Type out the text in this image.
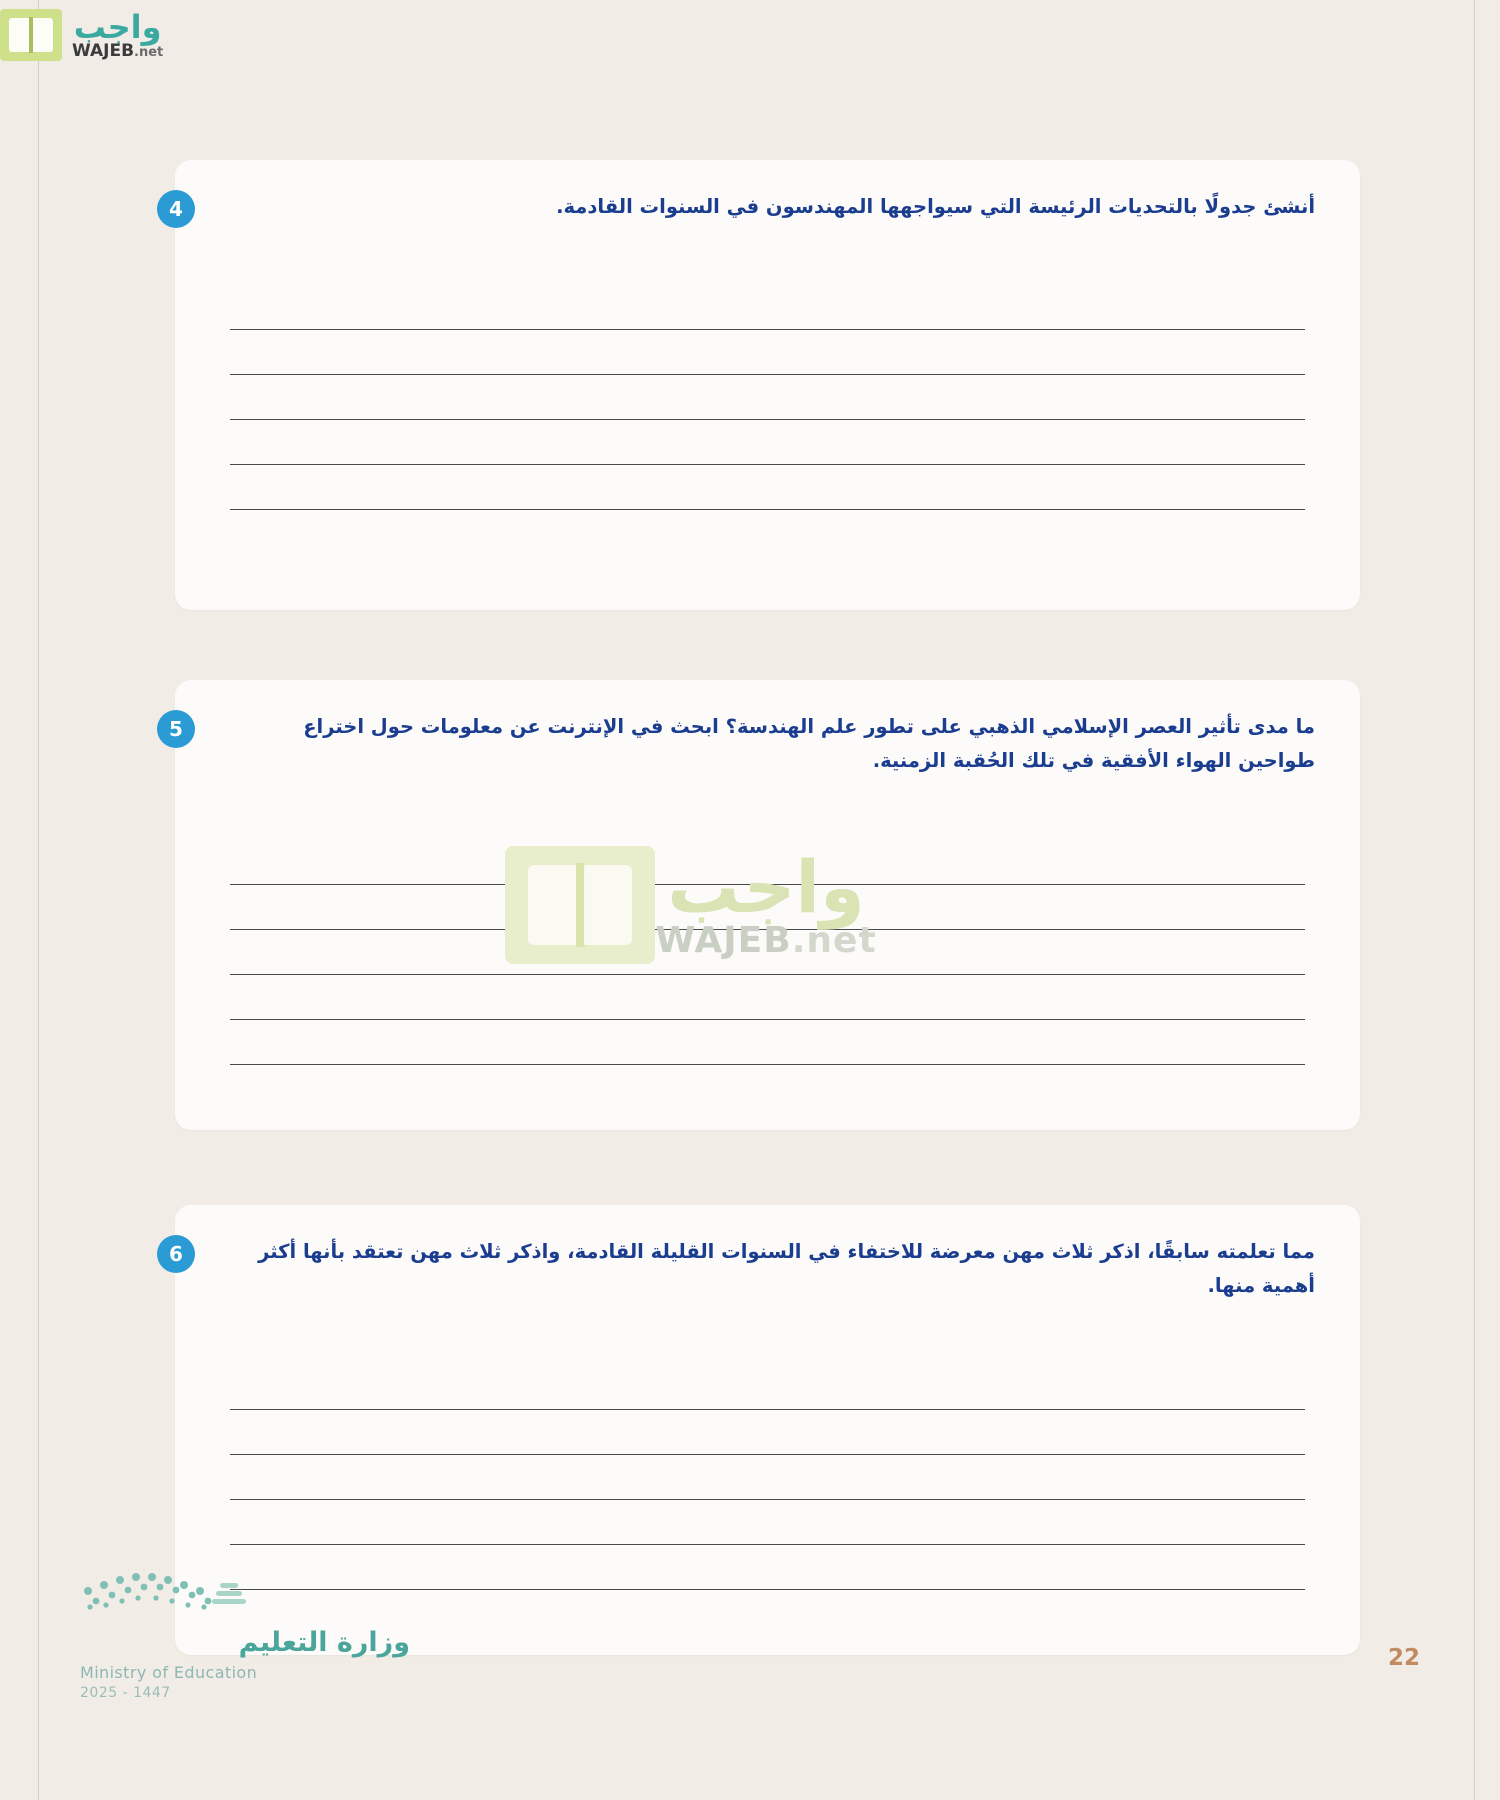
واجب
WAJEB.net
4	أنشئ جدولًا بالتحديات الرئيسة التي سيواجهها المهندسون في السنوات القادمة.
5	ما مدى تأثير العصر الإسلامي الذهبي على تطور علم الهندسة؟ ابحث في الإنترنت عن معلومات حول اختراع طواحين الهواء الأفقية في تلك الحُقبة الزمنية.
واجب
WAJEB.net
6	مما تعلمته سابقًا، اذكر ثلاث مهن معرضة للاختفاء في السنوات القليلة القادمة، واذكر ثلاث مهن تعتقد بأنها أكثر أهمية منها.
وزارة التعليم
Ministry of Education
2025 - 1447
22
